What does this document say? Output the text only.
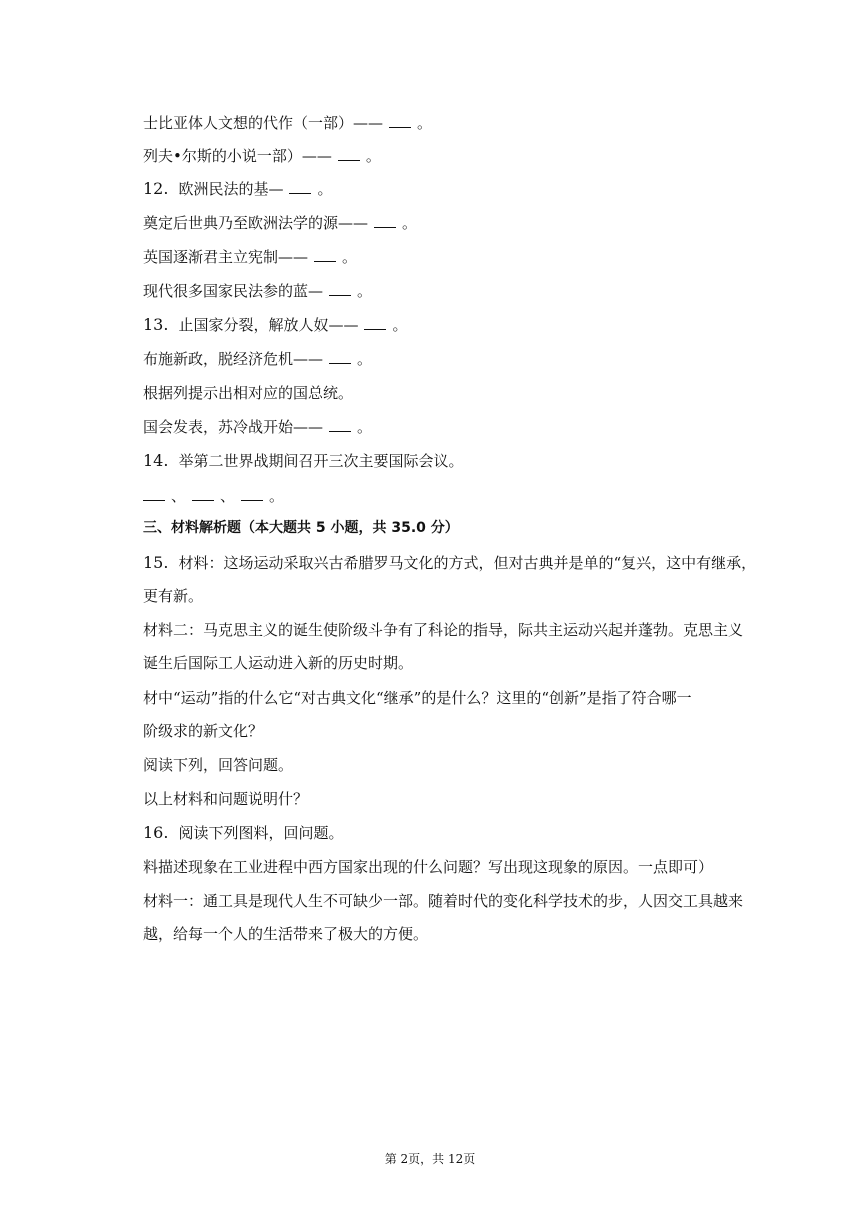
士比亚体人文想的代作（一部）—— 。
列夫•尔斯的小说一部）—— 。
12. 欧洲民法的基— 。
奠定后世典乃至欧洲法学的源—— 。
英国逐渐君主立宪制—— 。
现代很多国家民法参的蓝— 。
13. 止国家分裂，解放人奴—— 。
布施新政，脱经济危机—— 。
根据列提示出相对应的国总统。
国会发表，苏冷战开始—— 。
14. 举第二世界战期间召开三次主要国际会议。
、 、 。
三、材料解析题（本大题共 5 小题，共 35.0 分）
15. 材料：这场运动采取兴古希腊罗马文化的方式，但对古典并是单的“复兴，这中有继承，
更有新。
材料二：马克思主义的诞生使阶级斗争有了科论的指导，际共主运动兴起并蓬勃。克思主义
诞生后国际工人运动进入新的历史时期。
材中“运动”指的什么它“对古典文化“继承”的是什么？这里的“创新”是指了符合哪一
阶级求的新文化？
阅读下列，回答问题。
以上材料和问题说明什？
16. 阅读下列图料，回问题。
料描述现象在工业进程中西方国家出现的什么问题？写出现这现象的原因。一点即可）
材料一：通工具是现代人生不可缺少一部。随着时代的变化科学技术的步，人因交工具越来
越，给每一个人的生活带来了极大的方便。
第 2页，共 12页
